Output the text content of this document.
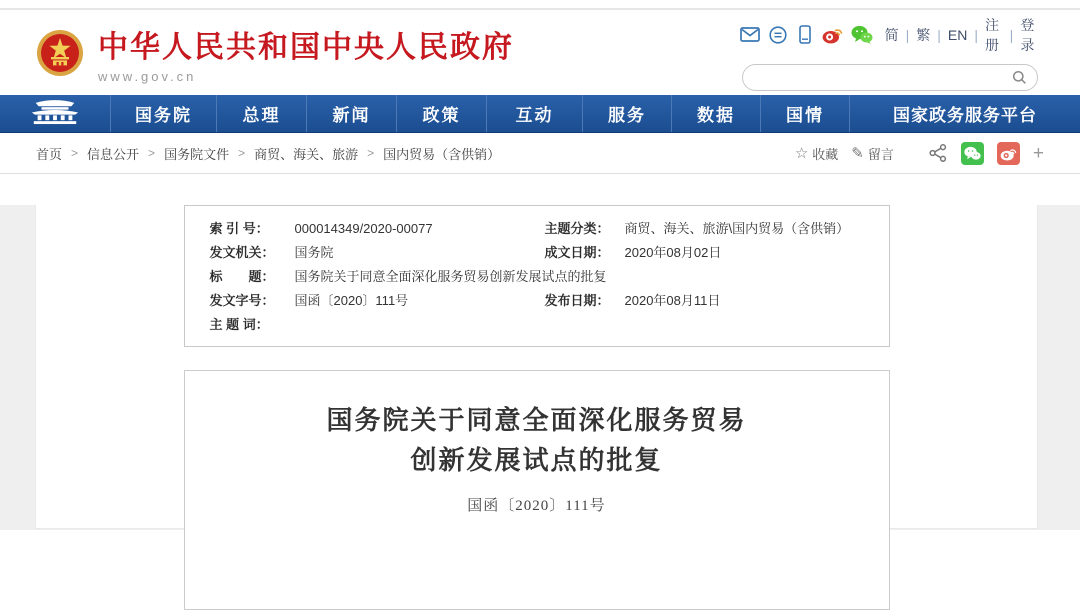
中华人民共和国中央人民政府
www.gov.cn
简 | 繁 | EN |
注册
|
登录
国务院	总理	新闻	政策	互动	服务	数据	国情	国家政务服务平台
首页 > 信息公开 > 国务院文件 > 商贸、海关、旅游 > 国内贸易（含供销）	☆ 收藏 ✎ 留言	+
索 引 号：	000014349/2020-00077	主题分类：	商贸、海关、旅游\国内贸易（含供销）
发文机关：	国务院	成文日期：	2020年08月02日
标　　题：	国务院关于同意全面深化服务贸易创新发展试点的批复
发文字号：	国函〔2020〕111号	发布日期：	2020年08月11日
主 题 词：
国务院关于同意全面深化服务贸易
创新发展试点的批复
国函〔2020〕111号
